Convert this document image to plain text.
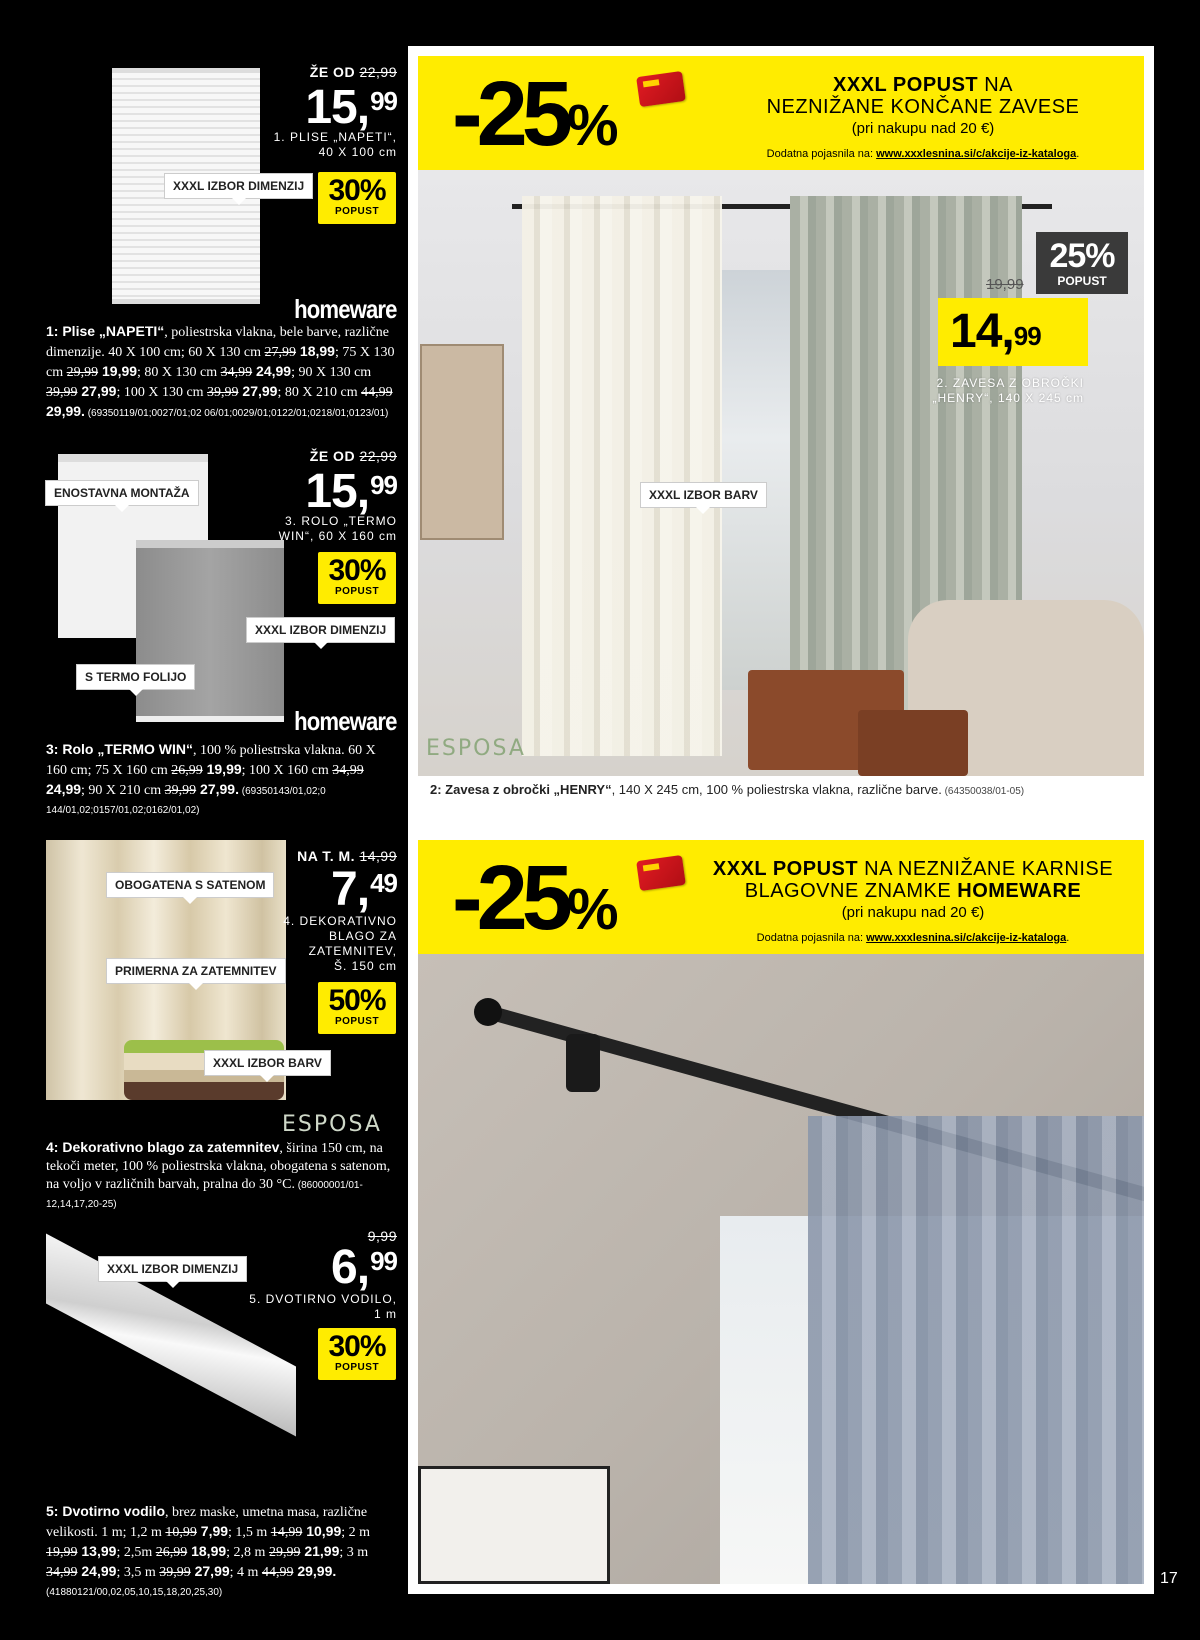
ŽE OD 22,99
15,99
1. PLISE „NAPETI“,
40 X 100 cm
XXXL IZBOR DIMENZIJ 30%
POPUST
homeware
1: Plise „NAPETI“, poliestrska vlakna, bele barve, različne dimenzije. 40 X 100 cm; 60 X 130 cm 27,99 18,99; 75 X 130 cm 29,99 19,99; 80 X 130 cm 34,99 24,99; 90 X 130 cm 39,99 27,99; 100 X 130 cm 39,99 27,99; 80 X 210 cm 44,99 29,99. (69350119/01;0027/01;02 06/01;0029/01;0122/01;0218/01;0123/01)
ŽE OD 22,99
15,99
3. ROLO „TERMO
WIN“, 60 X 160 cm
ENOSTAVNA MONTAŽA
30%
POPUST
XXXL IZBOR DIMENZIJ
S TERMO FOLIJO
homeware
3: Rolo „TERMO WIN“, 100 % poliestrska vlakna. 60 X 160 cm; 75 X 160 cm 26,99 19,99; 100 X 160 cm 34,99 24,99; 90 X 210 cm 39,99 27,99. (69350143/01,02;0 144/01,02;0157/01,02;0162/01,02)
NA T. M. 14,99
7,49
4. DEKORATIVNO
BLAGO ZA
ZATEMNITEV,
Š. 150 cm
OBOGATENA S SATENOM
PRIMERNA ZA ZATEMNITEV
XXXL IZBOR BARV
50%
POPUST
ESPOSA
4: Dekorativno blago za zatemnitev, širina 150 cm, na tekoči meter, 100 % poliestrska vlakna, obogatena s satenom, na voljo v različnih barvah, pralna do 30 °C. (86000001/01-12,14,17,20-25)
9,99
6,99
5. DVOTIRNO VODILO,
1 m
XXXL IZBOR DIMENZIJ
30%
POPUST
5: Dvotirno vodilo, brez maske, umetna masa, različne velikosti. 1 m; 1,2 m 10,99 7,99; 1,5 m 14,99 10,99; 2 m 19,99 13,99; 2,5m 26,99 18,99; 2,8 m 29,99 21,99; 3 m 34,99 24,99; 3,5 m 39,99 27,99; 4 m 44,99 29,99. (41880121/00,02,05,10,15,18,20,25,30)
-25%
XXXL POPUST NA
NEZNIŽANE KONČANE ZAVESE
(pri nakupu nad 20 €)
Dodatna pojasnila na: www.xxxlesnina.si/c/akcije-iz-kataloga.
ESPOSA
XXXL IZBOR BARV
25%
POPUST
19,99
14,99
2. ZAVESA Z OBROČKI
„HENRY“, 140 X 245 cm
2: Zavesa z obročki „HENRY“, 140 X 245 cm, 100 % poliestrska vlakna, različne barve. (64350038/01-05)
-25%
XXXL POPUST NA NEZNIŽANE KARNISE
BLAGOVNE ZNAMKE HOMEWARE
(pri nakupu nad 20 €)
Dodatna pojasnila na: www.xxxlesnina.si/c/akcije-iz-kataloga.
17
